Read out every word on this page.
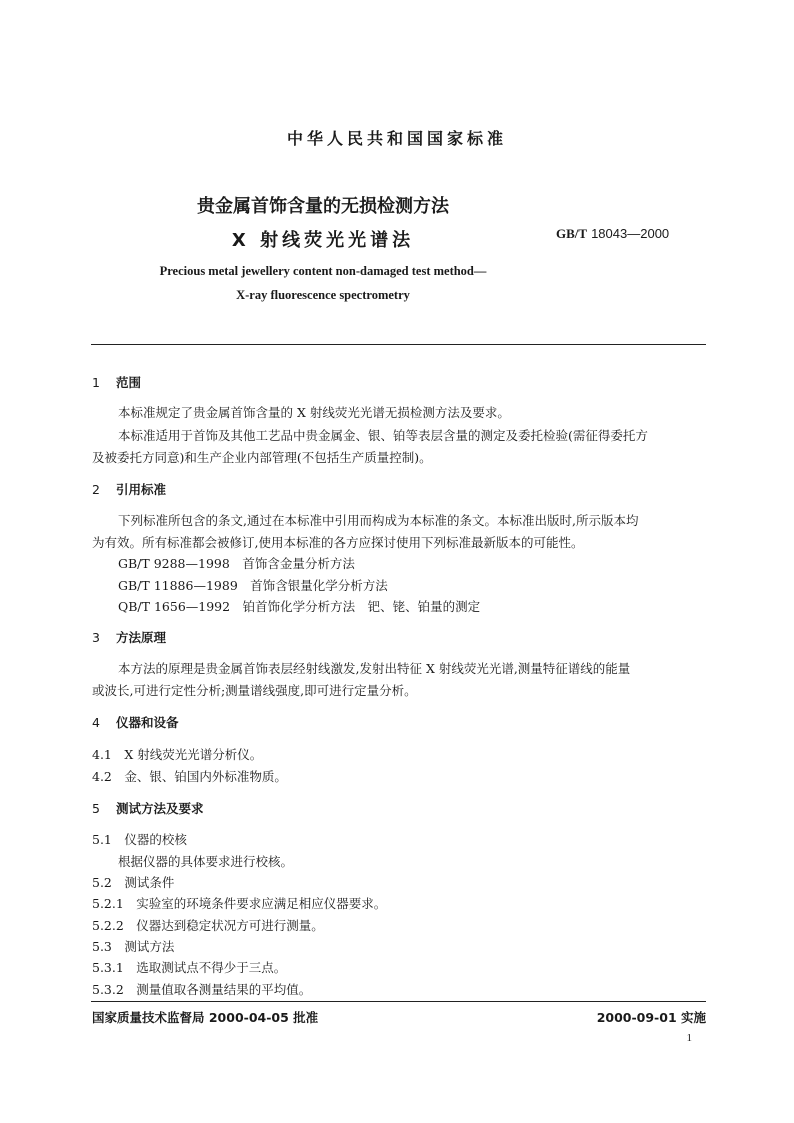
中华人民共和国国家标准
贵金属首饰含量的无损检测方法
X 射线荧光光谱法	GB/T 18043—2000
Precious metal jewellery content non-damaged test method—
X-ray fluorescence spectrometry
1 范围
本标准规定了贵金属首饰含量的 X 射线荧光光谱无损检测方法及要求。
本标准适用于首饰及其他工艺品中贵金属金、银、铂等表层含量的测定及委托检验(需征得委托方
及被委托方同意)和生产企业内部管理(不包括生产质量控制)。
2 引用标准
下列标准所包含的条文,通过在本标准中引用而构成为本标准的条文。本标准出版时,所示版本均
为有效。所有标准都会被修订,使用本标准的各方应探讨使用下列标准最新版本的可能性。
GB/T 9288—1998　首饰含金量分析方法
GB/T 11886—1989　首饰含银量化学分析方法
QB/T 1656—1992　铂首饰化学分析方法　钯、铑、铂量的测定
3 方法原理
本方法的原理是贵金属首饰表层经射线激发,发射出特征 X 射线荧光光谱,测量特征谱线的能量
或波长,可进行定性分析;测量谱线强度,即可进行定量分析。
4 仪器和设备
4.1　X 射线荧光光谱分析仪。
4.2　金、银、铂国内外标准物质。
5 测试方法及要求
5.1　仪器的校核
根据仪器的具体要求进行校核。
5.2　测试条件
5.2.1　实验室的环境条件要求应满足相应仪器要求。
5.2.2　仪器达到稳定状况方可进行测量。
5.3　测试方法
5.3.1　选取测试点不得少于三点。
5.3.2　测量值取各测量结果的平均值。
国家质量技术监督局 2000-04-05 批准	2000-09-01 实施
1
